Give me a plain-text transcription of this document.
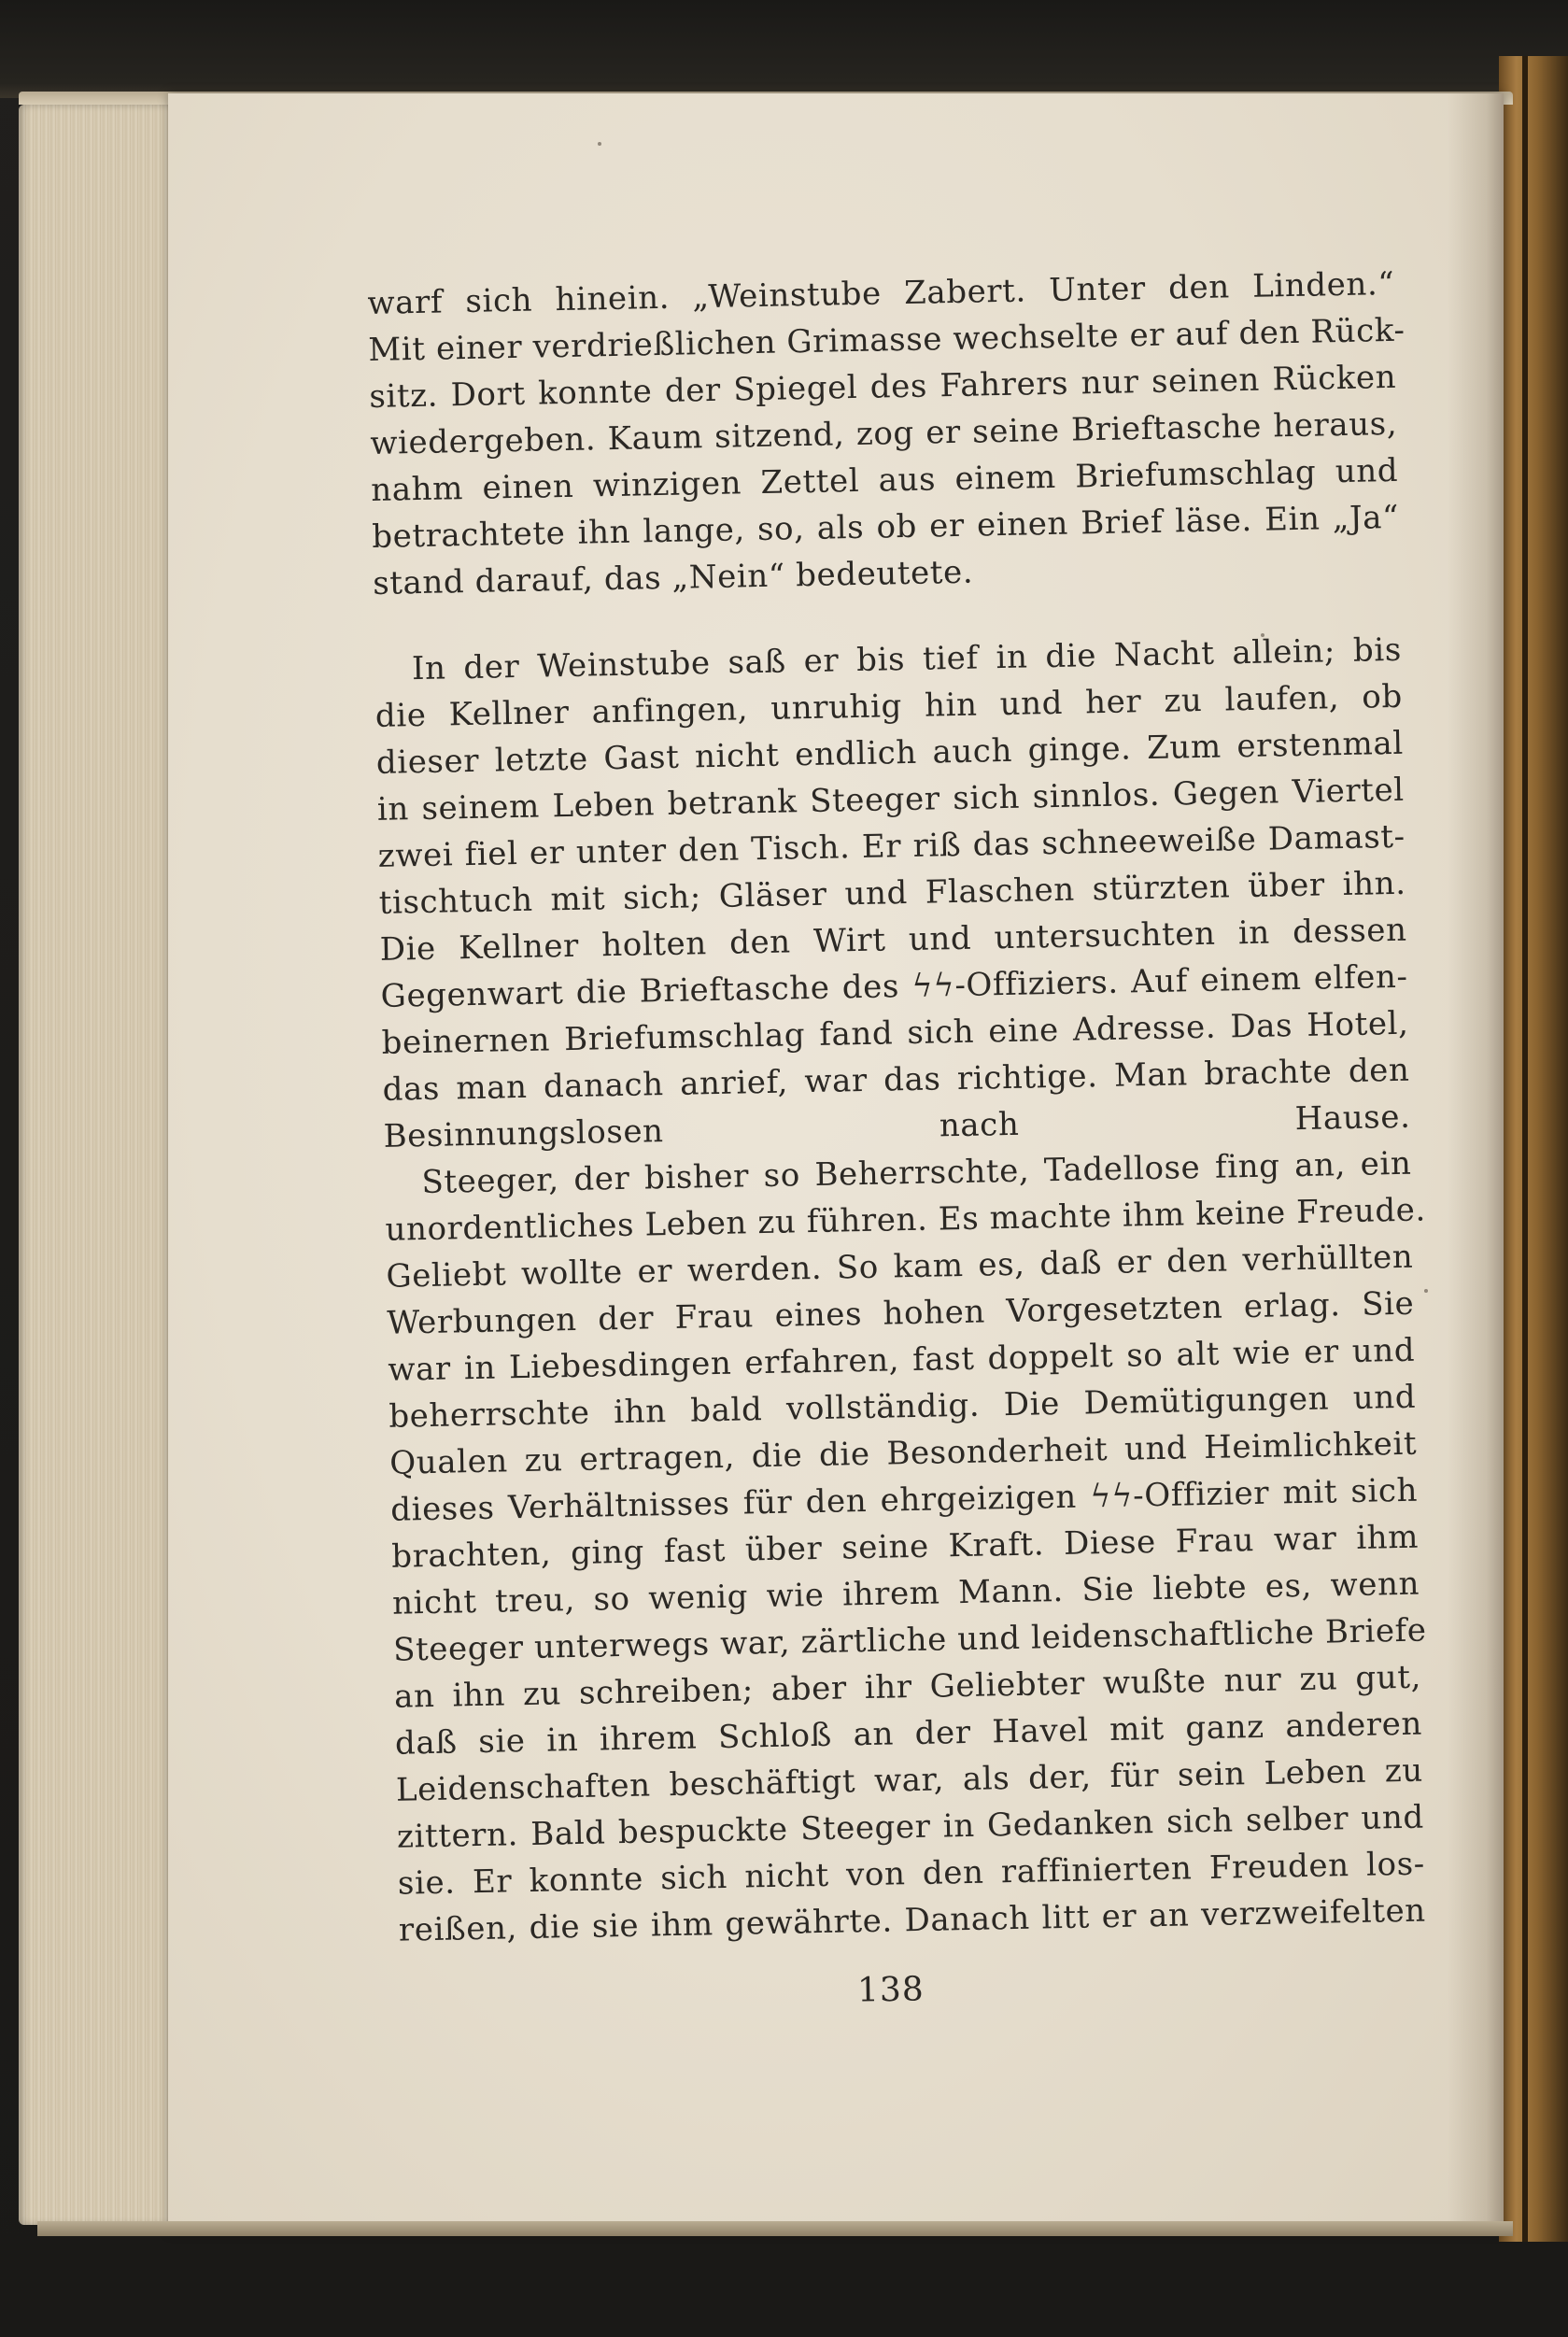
warf sich hinein. „Weinstube Zabert. Unter den Linden.“
Mit einer verdrießlichen Grimasse wechselte er auf den Rück-
sitz. Dort konnte der Spiegel des Fahrers nur seinen Rücken
wiedergeben. Kaum sitzend, zog er seine Brieftasche heraus,
nahm einen winzigen Zettel aus einem Briefumschlag und
betrachtete ihn lange, so, als ob er einen Brief läse. Ein „Ja“
stand darauf, das „Nein“ bedeutete.

In der Weinstube saß er bis tief in die Nacht allein; bis
die Kellner anfingen, unruhig hin und her zu laufen, ob
dieser letzte Gast nicht endlich auch ginge. Zum erstenmal
in seinem Leben betrank Steeger sich sinnlos. Gegen Viertel
zwei fiel er unter den Tisch. Er riß das schneeweiße Damast-
tischtuch mit sich; Gläser und Flaschen stürzten über ihn.
Die Kellner holten den Wirt und untersuchten in dessen
Gegenwart die Brieftasche des ϟϟ-Offiziers. Auf einem elfen-
beinernen Briefumschlag fand sich eine Adresse. Das Hotel,
das man danach anrief, war das richtige. Man brachte den
Besinnungslosen nach Hause.

Steeger, der bisher so Beherrschte, Tadellose fing an, ein
unordentliches Leben zu führen. Es machte ihm keine Freude.
Geliebt wollte er werden. So kam es, daß er den verhüllten
Werbungen der Frau eines hohen Vorgesetzten erlag. Sie
war in Liebesdingen erfahren, fast doppelt so alt wie er und
beherrschte ihn bald vollständig. Die Demütigungen und
Qualen zu ertragen, die die Besonderheit und Heimlichkeit
dieses Verhältnisses für den ehrgeizigen ϟϟ-Offizier mit sich
brachten, ging fast über seine Kraft. Diese Frau war ihm
nicht treu, so wenig wie ihrem Mann. Sie liebte es, wenn
Steeger unterwegs war, zärtliche und leidenschaftliche Briefe
an ihn zu schreiben; aber ihr Geliebter wußte nur zu gut,
daß sie in ihrem Schloß an der Havel mit ganz anderen
Leidenschaften beschäftigt war, als der, für sein Leben zu
zittern. Bald bespuckte Steeger in Gedanken sich selber und
sie. Er konnte sich nicht von den raffinierten Freuden los-
reißen, die sie ihm gewährte. Danach litt er an verzweifelten

138
